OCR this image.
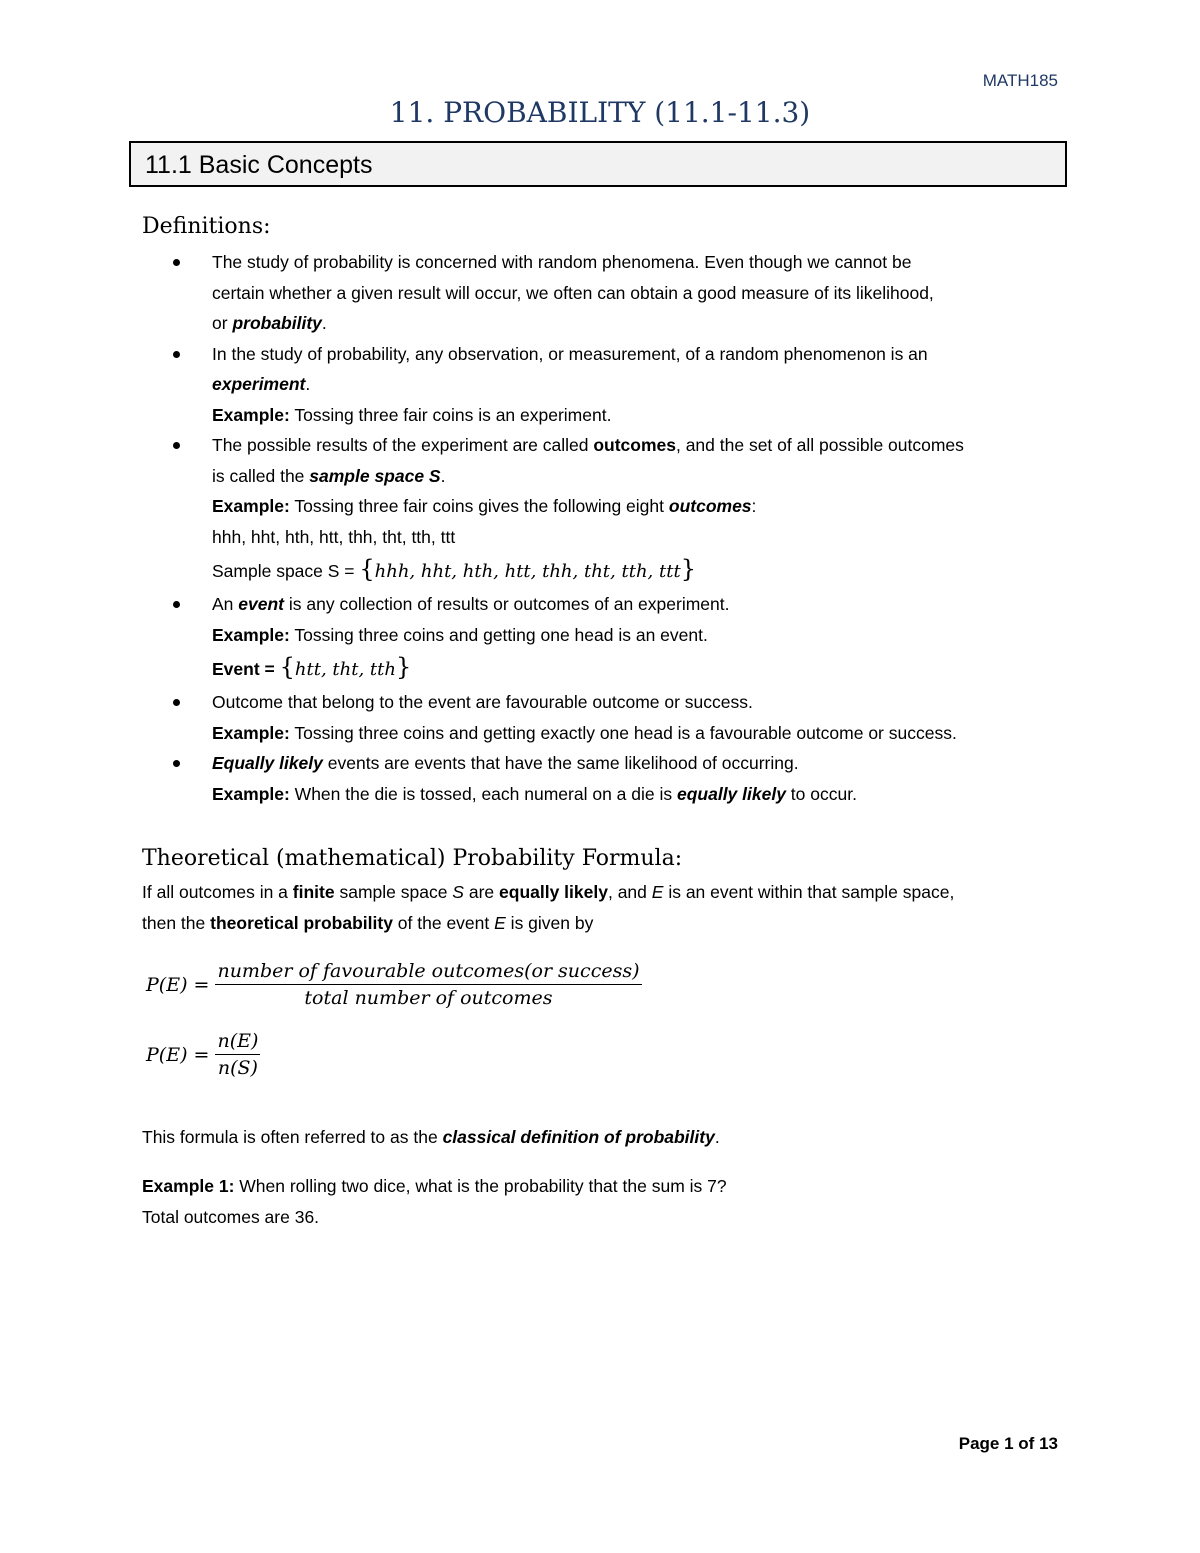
MATH185
11. PROBABILITY (11.1-11.3)
11.1 Basic Concepts
Definitions:
The study of probability is concerned with random phenomena. Even though we cannot be
certain whether a given result will occur, we often can obtain a good measure of its likelihood,
or probability.
In the study of probability, any observation, or measurement, of a random phenomenon is an
experiment.
Example: Tossing three fair coins is an experiment.
The possible results of the experiment are called outcomes, and the set of all possible outcomes
is called the sample space S.
Example: Tossing three fair coins gives the following eight outcomes:
hhh, hht, hth, htt, thh, tht, tth, ttt
Sample space S = {hhh, hht, hth, htt, thh, tht, tth, ttt}
An event is any collection of results or outcomes of an experiment.
Example: Tossing three coins and getting one head is an event.
Event = {htt, tht, tth}
Outcome that belong to the event are favourable outcome or success.
Example: Tossing three coins and getting exactly one head is a favourable outcome or success.
Equally likely events are events that have the same likelihood of occurring.
Example: When the die is tossed, each numeral on a die is equally likely to occur.
Theoretical (mathematical) Probability Formula:
If all outcomes in a finite sample space S are equally likely, and E is an event within that sample space,
then the theoretical probability of the event E is given by
$P(E) = \frac{\text{number of favourable outcomes(or success)}}{\text{total number of outcomes}}$
$P(E) = \frac{n(E)}{n(S)}$
This formula is often referred to as the classical definition of probability.
Example 1: When rolling two dice, what is the probability that the sum is 7?
Total outcomes are 36.
Page 1 of 13
